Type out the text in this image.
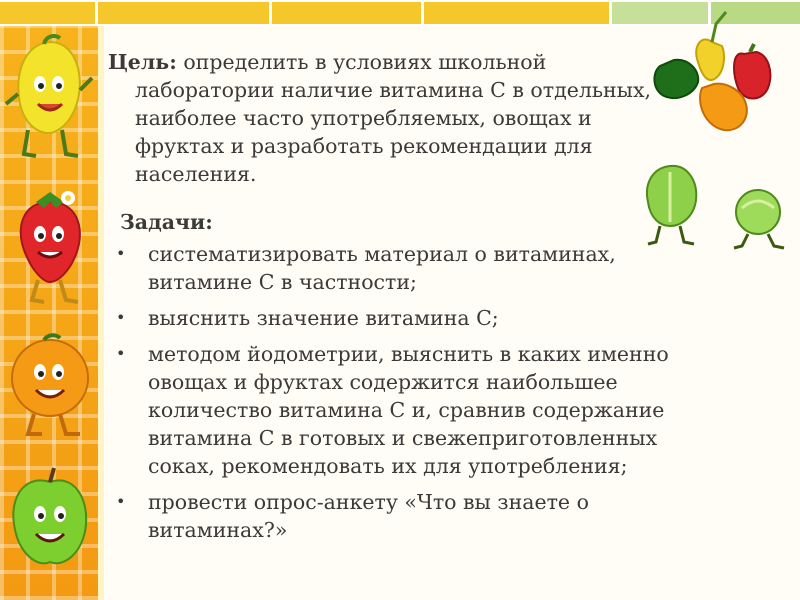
Цель: определить в условиях школьной
лаборатории наличие витамина С в отдельных,
наиболее часто употребляемых, овощах и
фруктах и разработать рекомендации для
населения.
Задачи:
• систематизировать материал о витаминах,
витамине С в частности;
• выяснить значение витамина С;
• методом йодометрии, выяснить в каких именно
овощах и фруктах содержится наибольшее
количество витамина С и, сравнив содержание
витамина С в готовых и свежеприготовленных
соках, рекомендовать их для употребления;
• провести опрос-анкету «Что вы знаете о
витаминах?»
